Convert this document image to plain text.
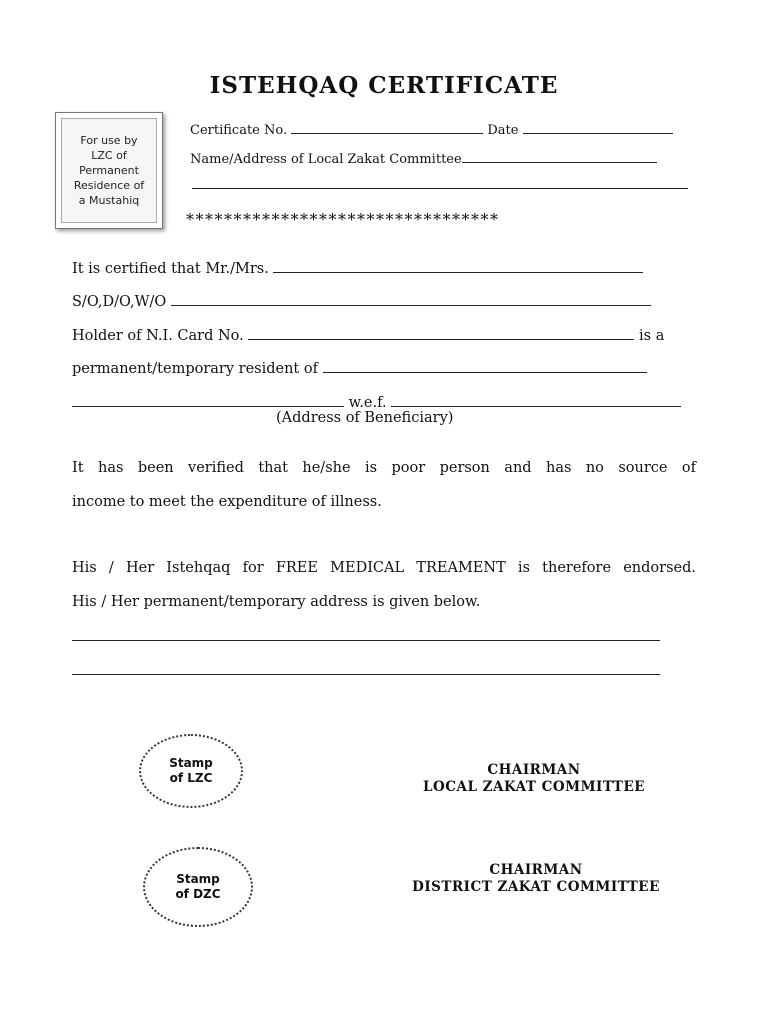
ISTEHQAQ CERTIFICATE
For use by
LZC of
Permanent
Residence of
a Mustahiq
Certificate No.	Date
Name/Address of Local Zakat Committee
*********************************
It is certified that Mr./Mrs.
S/O,D/O,W/O
Holder of N.I. Card No.	is a
permanent/temporary resident of
w.e.f.
(Address of Beneficiary)
It has been verified that he/she is poor person and has no source of
income to meet the expenditure of illness.
His / Her Istehqaq for FREE MEDICAL TREAMENT is therefore endorsed.
His / Her permanent/temporary address is given below.
Stamp
of LZC	CHAIRMAN
LOCAL ZAKAT COMMITTEE
Stamp
of DZC
CHAIRMAN
DISTRICT ZAKAT COMMITTEE
